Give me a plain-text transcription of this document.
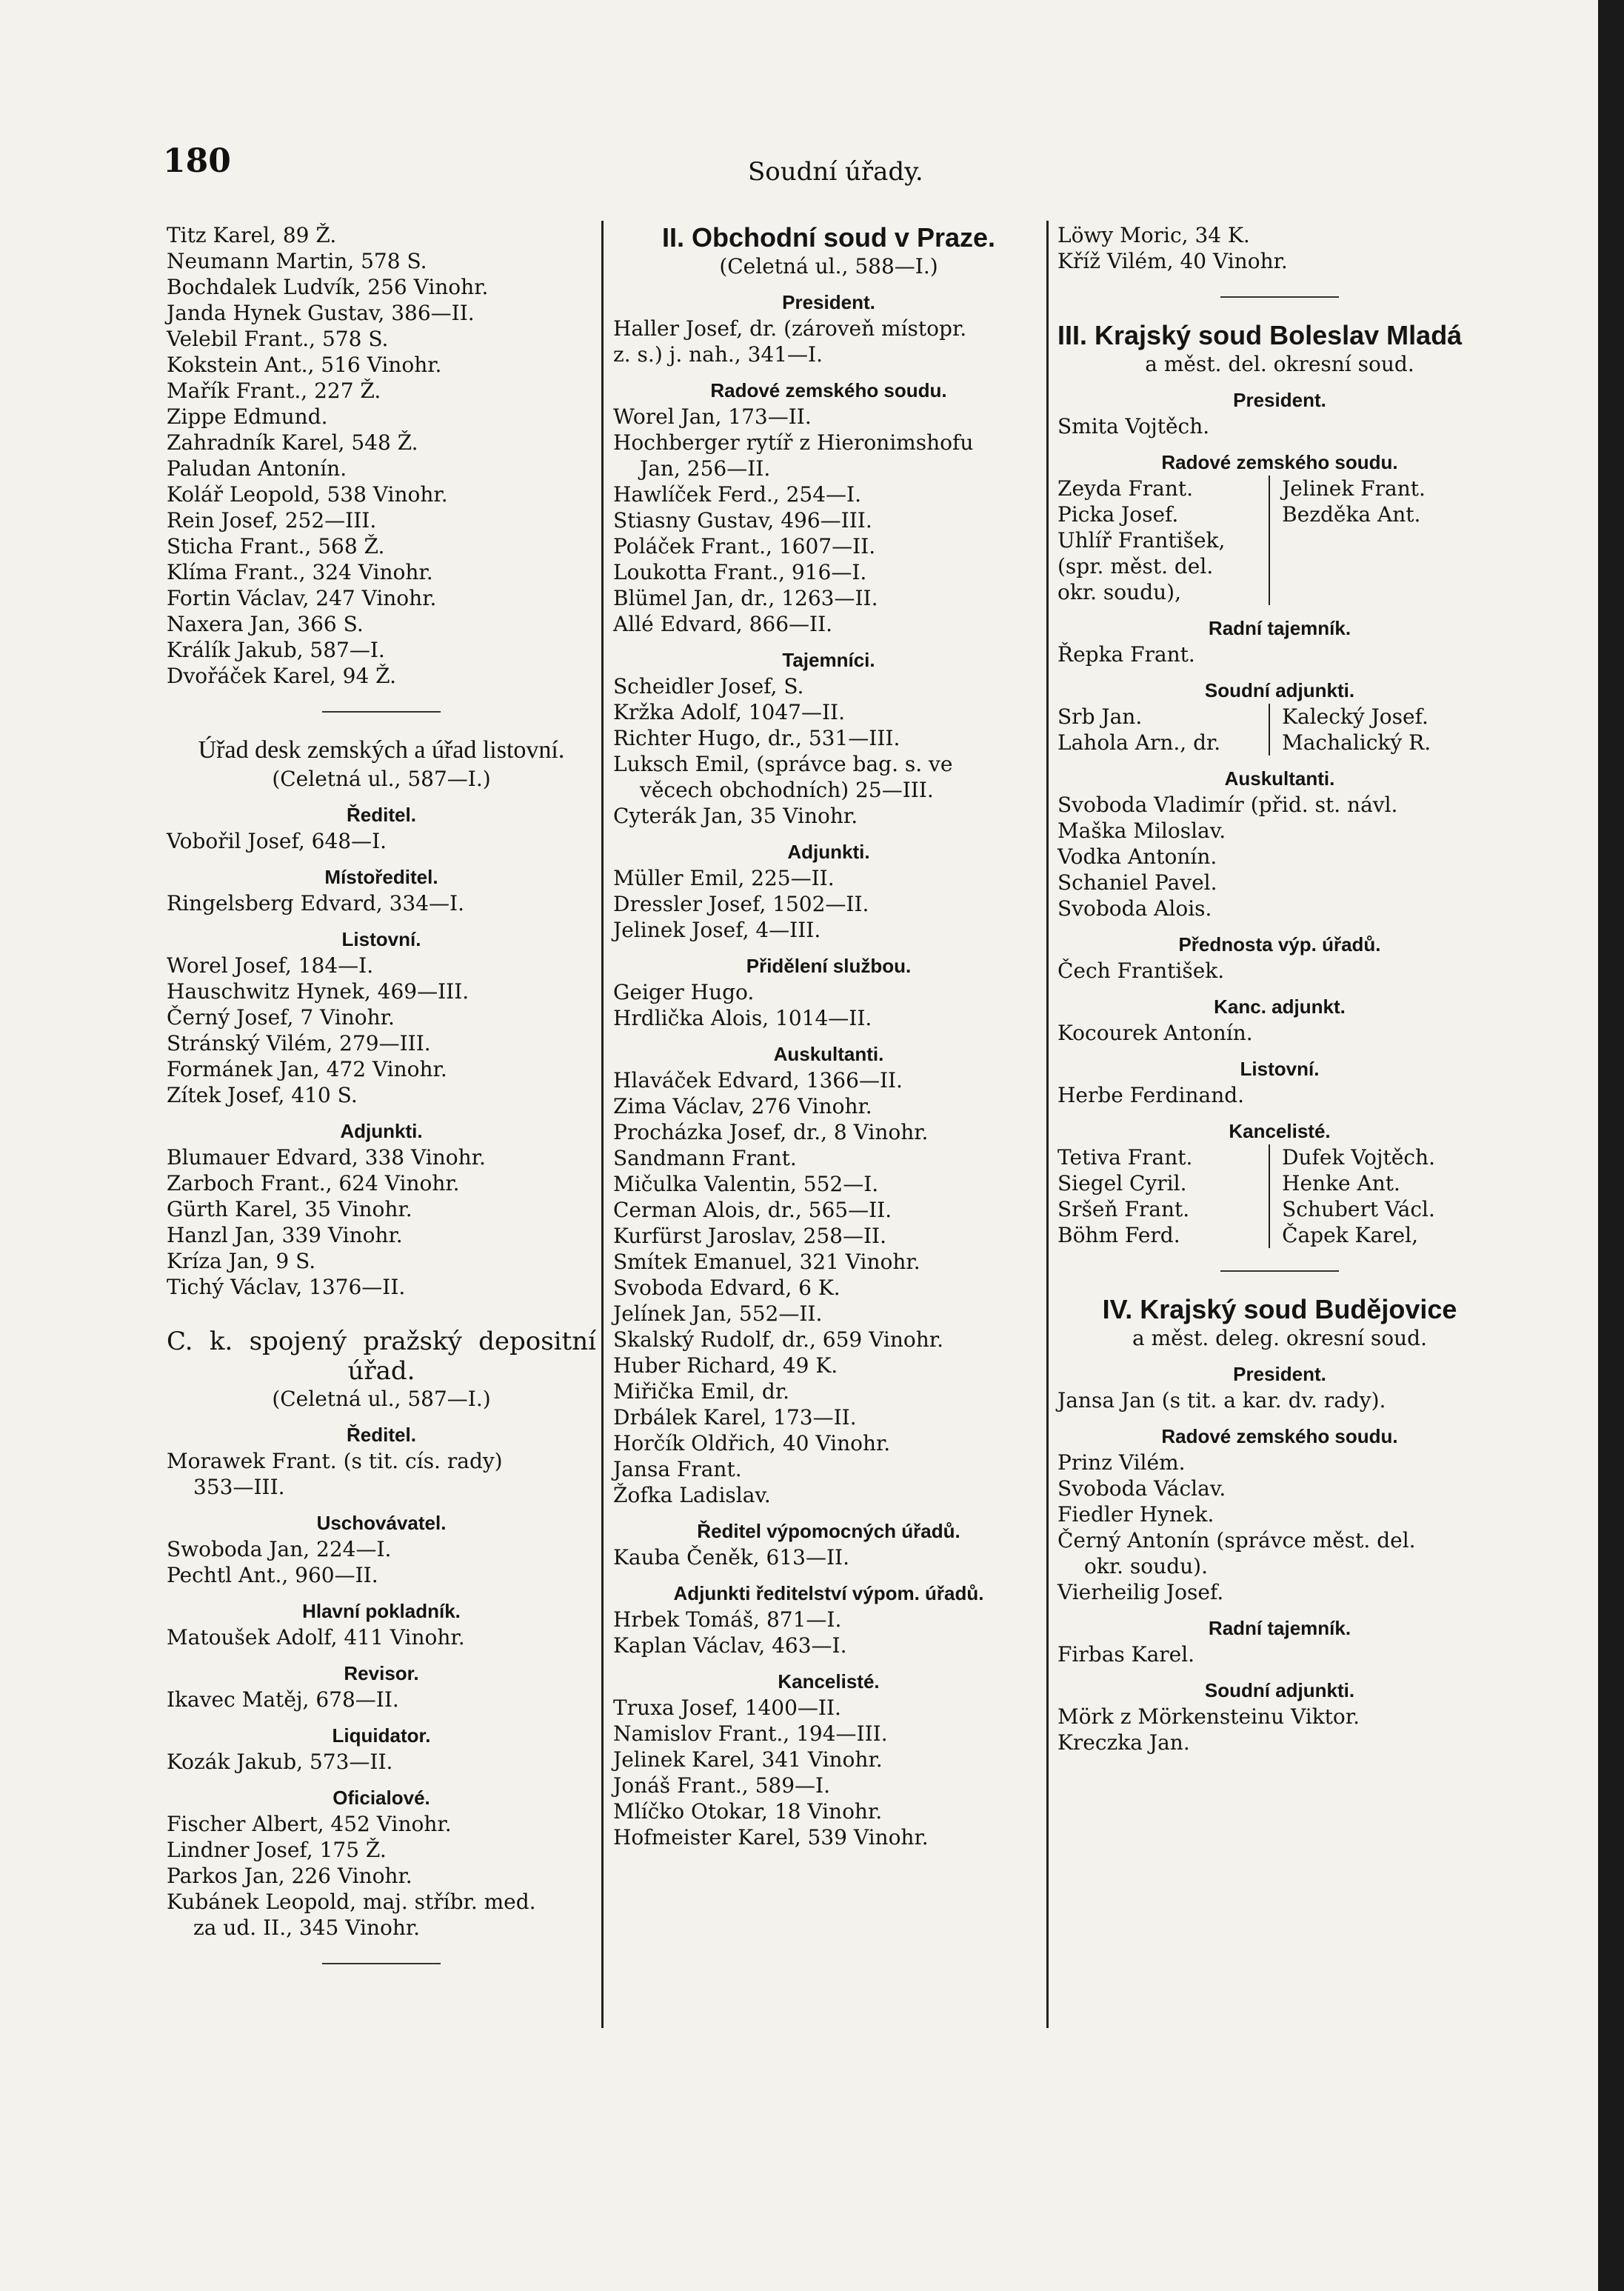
180	Soudní úřady.
Titz Karel, 89 Ž.
Neumann Martin, 578 S.
Bochdalek Ludvík, 256 Vinohr.
Janda Hynek Gustav, 386—II.
Velebil Frant., 578 S.
Kokstein Ant., 516 Vinohr.
Mařík Frant., 227 Ž.
Zippe Edmund.
Zahradník Karel, 548 Ž.
Paludan Antonín.
Kolář Leopold, 538 Vinohr.
Rein Josef, 252—III.
Sticha Frant., 568 Ž.
Klíma Frant., 324 Vinohr.
Fortin Václav, 247 Vinohr.
Naxera Jan, 366 S.
Králík Jakub, 587—I.
Dvořáček Karel, 94 Ž.
Úřad desk zemských a úřad listovní.
(Celetná ul., 587—I.)
Ředitel.
Vobořil Josef, 648—I.
Místoředitel.
Ringelsberg Edvard, 334—I.
Listovní.
Worel Josef, 184—I.
Hauschwitz Hynek, 469—III.
Černý Josef, 7 Vinohr.
Stránský Vilém, 279—III.
Formánek Jan, 472 Vinohr.
Zítek Josef, 410 S.
Adjunkti.
Blumauer Edvard, 338 Vinohr.
Zarboch Frant., 624 Vinohr.
Gürth Karel, 35 Vinohr.
Hanzl Jan, 339 Vinohr.
Kríza Jan, 9 S.
Tichý Václav, 1376—II.
C. k. spojený pražský depositní
úřad.
(Celetná ul., 587—I.)
Ředitel.
Morawek Frant. (s tit. cís. rady)
353—III.
Uschovávatel.
Swoboda Jan, 224—I.
Pechtl Ant., 960—II.
Hlavní pokladník.
Matoušek Adolf, 411 Vinohr.
Revisor.
Ikavec Matěj, 678—II.
Liquidator.
Kozák Jakub, 573—II.
Oficialové.
Fischer Albert, 452 Vinohr.
Lindner Josef, 175 Ž.
Parkos Jan, 226 Vinohr.
Kubánek Leopold, maj. stříbr. med.
za ud. II., 345 Vinohr.
II. Obchodní soud v Praze.
(Celetná ul., 588—I.)
President.
Haller Josef, dr. (zároveň místopr.
z. s.) j. nah., 341—I.
Radové zemského soudu.
Worel Jan, 173—II.
Hochberger rytíř z Hieronimshofu
Jan, 256—II.
Hawlíček Ferd., 254—I.
Stiasny Gustav, 496—III.
Poláček Frant., 1607—II.
Loukotta Frant., 916—I.
Blümel Jan, dr., 1263—II.
Allé Edvard, 866—II.
Tajemníci.
Scheidler Josef, S.
Kržka Adolf, 1047—II.
Richter Hugo, dr., 531—III.
Luksch Emil, (správce bag. s. ve
věcech obchodních) 25—III.
Cyterák Jan, 35 Vinohr.
Adjunkti.
Müller Emil, 225—II.
Dressler Josef, 1502—II.
Jelinek Josef, 4—III.
Přidělení službou.
Geiger Hugo.
Hrdlička Alois, 1014—II.
Auskultanti.
Hlaváček Edvard, 1366—II.
Zima Václav, 276 Vinohr.
Procházka Josef, dr., 8 Vinohr.
Sandmann Frant.
Mičulka Valentin, 552—I.
Cerman Alois, dr., 565—II.
Kurfürst Jaroslav, 258—II.
Smítek Emanuel, 321 Vinohr.
Svoboda Edvard, 6 K.
Jelínek Jan, 552—II.
Skalský Rudolf, dr., 659 Vinohr.
Huber Richard, 49 K.
Miřička Emil, dr.
Drbálek Karel, 173—II.
Horčík Oldřich, 40 Vinohr.
Jansa Frant.
Žofka Ladislav.
Ředitel výpomocných úřadů.
Kauba Čeněk, 613—II.
Adjunkti ředitelství výpom. úřadů.
Hrbek Tomáš, 871—I.
Kaplan Václav, 463—I.
Kancelisté.
Truxa Josef, 1400—II.
Namislov Frant., 194—III.
Jelinek Karel, 341 Vinohr.
Jonáš Frant., 589—I.
Mlíčko Otokar, 18 Vinohr.
Hofmeister Karel, 539 Vinohr.
Löwy Moric, 34 K.
Kříž Vilém, 40 Vinohr.
III. Krajský soud Boleslav Mladá
a měst. del. okresní soud.
President.
Smita Vojtěch.
Radové zemského soudu.
Zeyda Frant.
Picka Josef.
Uhlíř František,
(spr. měst. del.
okr. soudu),
Jelinek Frant.
Bezděka Ant.
Radní tajemník.
Řepka Frant.
Soudní adjunkti.
Srb Jan.
Lahola Arn., dr.
Kalecký Josef.
Machalický R.
Auskultanti.
Svoboda Vladimír (přid. st. návl.
Maška Miloslav.
Vodka Antonín.
Schaniel Pavel.
Svoboda Alois.
Přednosta výp. úřadů.
Čech František.
Kanc. adjunkt.
Kocourek Antonín.
Listovní.
Herbe Ferdinand.
Kancelisté.
Tetiva Frant.
Siegel Cyril.
Sršeň Frant.
Böhm Ferd.
Dufek Vojtěch.
Henke Ant.
Schubert Václ.
Čapek Karel,
IV. Krajský soud Budějovice
a měst. deleg. okresní soud.
President.
Jansa Jan (s tit. a kar. dv. rady).
Radové zemského soudu.
Prinz Vilém.
Svoboda Václav.
Fiedler Hynek.
Černý Antonín (správce měst. del.
okr. soudu).
Vierheilig Josef.
Radní tajemník.
Firbas Karel.
Soudní adjunkti.
Mörk z Mörkensteinu Viktor.
Kreczka Jan.
